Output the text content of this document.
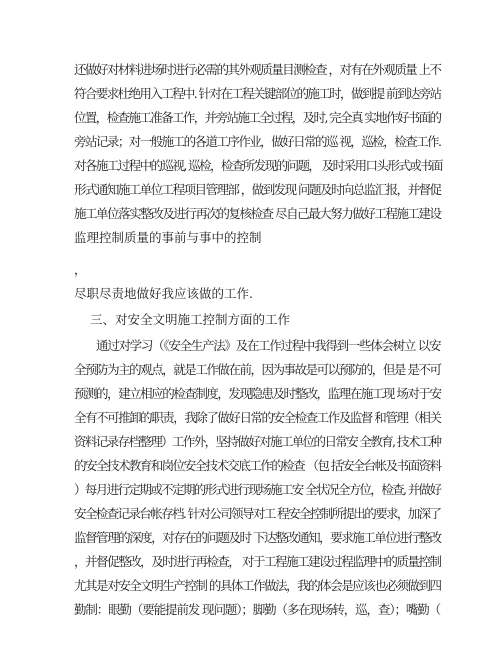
还做好对材料进场时进行必需的其外观质量目测检查 ，对有在外观质量 上不
符合要求杜绝用入工程中. 针对在工程关键部位的施工时，做到提 前到达旁站
位置，检查施工准备工作，并旁站施工全过程，及时, 完全真 实地作好书面的
旁站记录；对一般施工的各道工序作业，做好日常的巡 视，巡检，检查工作.
对各施工过程中的巡视, 巡检，检查所发现的问题， 及时采用口头形式或书面
形式通知施工单位工程项目管理部 ，做到发现 问题及时向总监汇报，并督促
施工单位落实整改及进行再次的复核检查 尽自己最大努力做好工程施工建设
监理控制质量的事前与事中的控制
，
尽职尽责地做好我应该做的工作.
三、对安全文明施工控制方面的工作
通过对学习（《安全生产法》及在工作过程中我得到一些体会树立 以安
全预防为主的观点，就是工作做在前，因为事故是可以预防的，但是 是不可
预测的，建立相应的检查制度，发现隐患及时整改，监理在施工现 场对于安
全有不可推卸的职责，我除了做好日常的安全检查工作及监督 和管理（相关
资料记录存档整理）工作外，坚持做好对施工单位的日常安 全教育, 技术工种
的安全技术教育和岗位安全技术交底工作的检查 （包 括安全台帐及书面资料
）每月进行定期或不定期的形式进行现场施工安 全状况全方位，检查, 并做好
安全检查记录台帐存档. 针对公司领导对工 程安全控制所提出的要求，加深了
监督管理的深度，对存在的问题及时 下达整改通知，要求施工单位进行整改
，并督促整改，及时进行再检查， 对于工程施工建设过程监理中的质量控制
尤其是对安全文明生产控制 的具体工作做法，我的体会是应该也必须做到四
勤制：眼勤（要能提前发 现问题）；脚勤（多在现场转，巡，查）；嘴勤（
